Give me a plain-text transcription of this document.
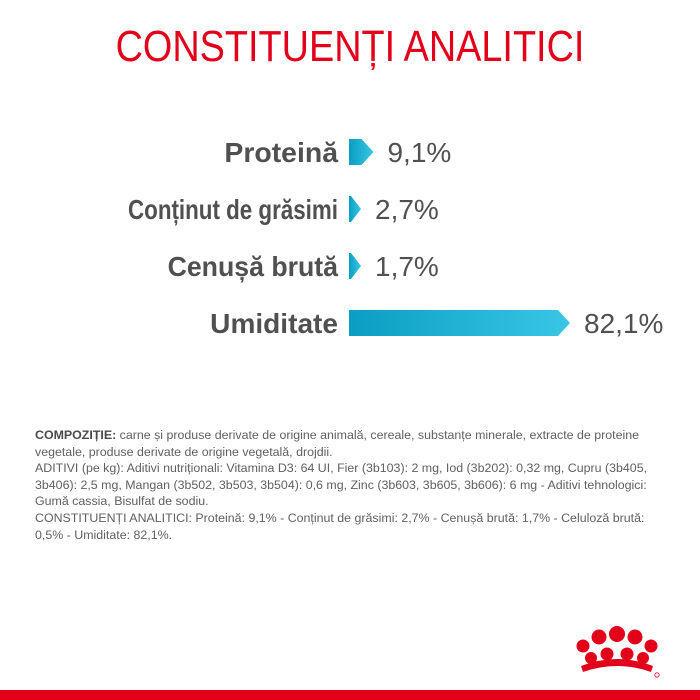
CONSTITUENȚI ANALITICI
Proteină 9,1%
Conținut de grăsimi 2,7%
Cenușă brută 1,7%
Umiditate	82,1%

COMPOZIȚIE: carne și produse derivate de origine animală, cereale, substanțe minerale, extracte de proteine vegetale, produse derivate de origine vegetală, drojdii.

ADITIVI (pe kg): Aditivi nutriționali: Vitamina D3: 64 UI, Fier (3b103): 2 mg, Iod (3b202): 0,32 mg, Cupru (3b405, 3b406): 2,5 mg, Mangan (3b502, 3b503, 3b504): 0,6 mg, Zinc (3b603, 3b605, 3b606): 6 mg - Aditivi tehnologici: Gumă cassia, Bisulfat de sodiu.

CONSTITUENȚI ANALITICI: Proteină: 9,1% - Conținut de grăsimi: 2,7% - Cenușă brută: 1,7% - Celuloză brută: 0,5% - Umiditate: 82,1%.
